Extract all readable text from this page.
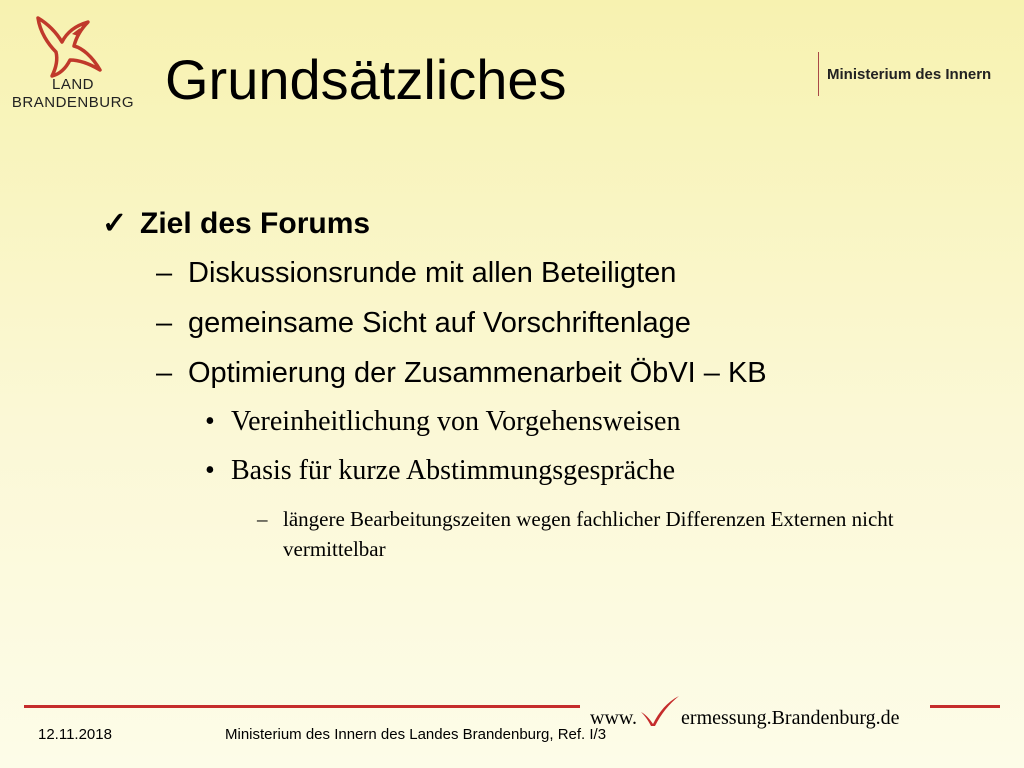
LAND
BRANDENBURG Grundsätzliches	Ministerium des Innern
✓ Ziel des Forums
– Diskussionsrunde mit allen Beteiligten
– gemeinsame Sicht auf Vorschriftenlage
– Optimierung der Zusammenarbeit ÖbVI – KB
• Vereinheitlichung von Vorgehensweisen
• Basis für kurze Abstimmungsgespräche
– längere Bearbeitungszeiten wegen fachlicher Differenzen Externen nicht vermittelbar
www. ermessung.Brandenburg.de
12.11.2018	Ministerium des Innern des Landes Brandenburg, Ref. I/3
